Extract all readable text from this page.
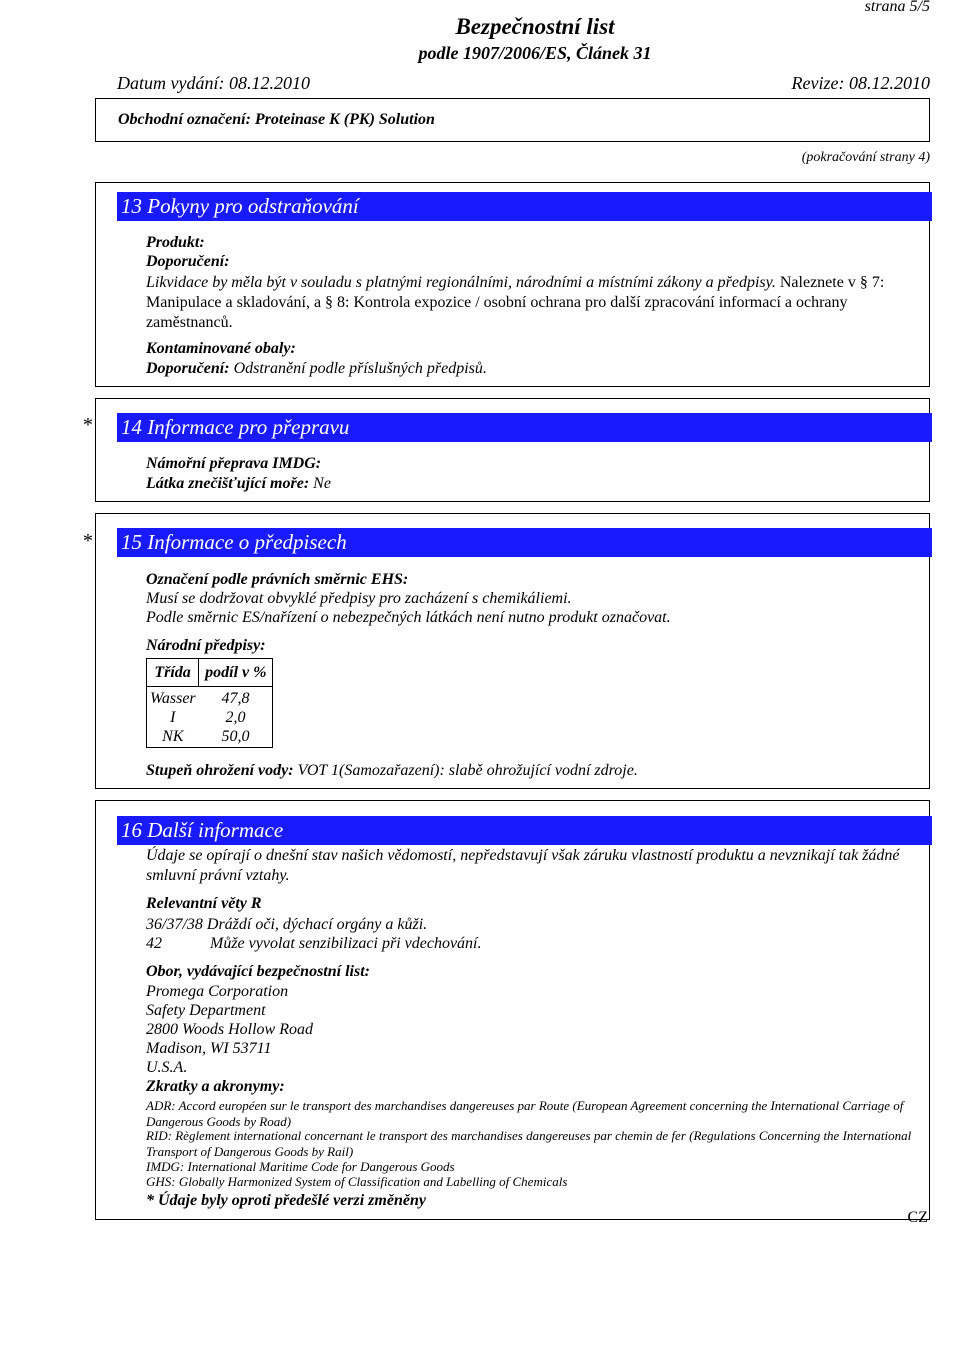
strana 5/5
Bezpečnostní list
podle 1907/2006/ES, Článek 31
Datum vydání: 08.12.2010	Revize: 08.12.2010
Obchodní označení: Proteinase K (PK) Solution
(pokračování strany 4)
13 Pokyny pro odstraňování
Produkt:
Doporučení:
Likvidace by měla být v souladu s platnými regionálními, národními a místními zákony a předpisy. Naleznete v § 7: Manipulace a skladování, a § 8: Kontrola expozice / osobní ochrana pro další zpracování informací a ochrany zaměstnanců.
Kontaminované obaly:
Doporučení: Odstranění podle příslušných předpisů.
* 14 Informace pro přepravu
Námořní přeprava IMDG:
Látka znečišťující moře: Ne
* 15 Informace o předpisech
Označení podle právních směrnic EHS:
Musí se dodržovat obvyklé předpisy pro zacházení s chemikáliemi.
Podle směrnic ES/nařízení o nebezpečných látkách není nutno produkt označovat.
Národní předpisy:
Třída	podíl v %
Wasser	47,8
I	2,0
NK	50,0
Stupeň ohrožení vody: VOT 1(Samozařazení): slabě ohrožující vodní zdroje.
16 Další informace
Údaje se opírají o dnešní stav našich vědomostí, nepředstavují však záruku vlastností produktu a nevznikají tak žádné smluvní právní vztahy.
Relevantní věty R
36/37/38 Dráždí oči, dýchací orgány a kůži.
42	Může vyvolat senzibilizaci při vdechování.
Obor, vydávající bezpečnostní list:
Promega Corporation
Safety Department
2800 Woods Hollow Road
Madison, WI 53711
U.S.A.
Zkratky a akronymy:
ADR: Accord européen sur le transport des marchandises dangereuses par Route (European Agreement concerning the International Carriage of Dangerous Goods by Road)
RID: Règlement international concernant le transport des marchandises dangereuses par chemin de fer (Regulations Concerning the International Transport of Dangerous Goods by Rail)
IMDG: International Maritime Code for Dangerous Goods
GHS: Globally Harmonized System of Classification and Labelling of Chemicals
* Údaje byly oproti předešlé verzi změněny
CZ
